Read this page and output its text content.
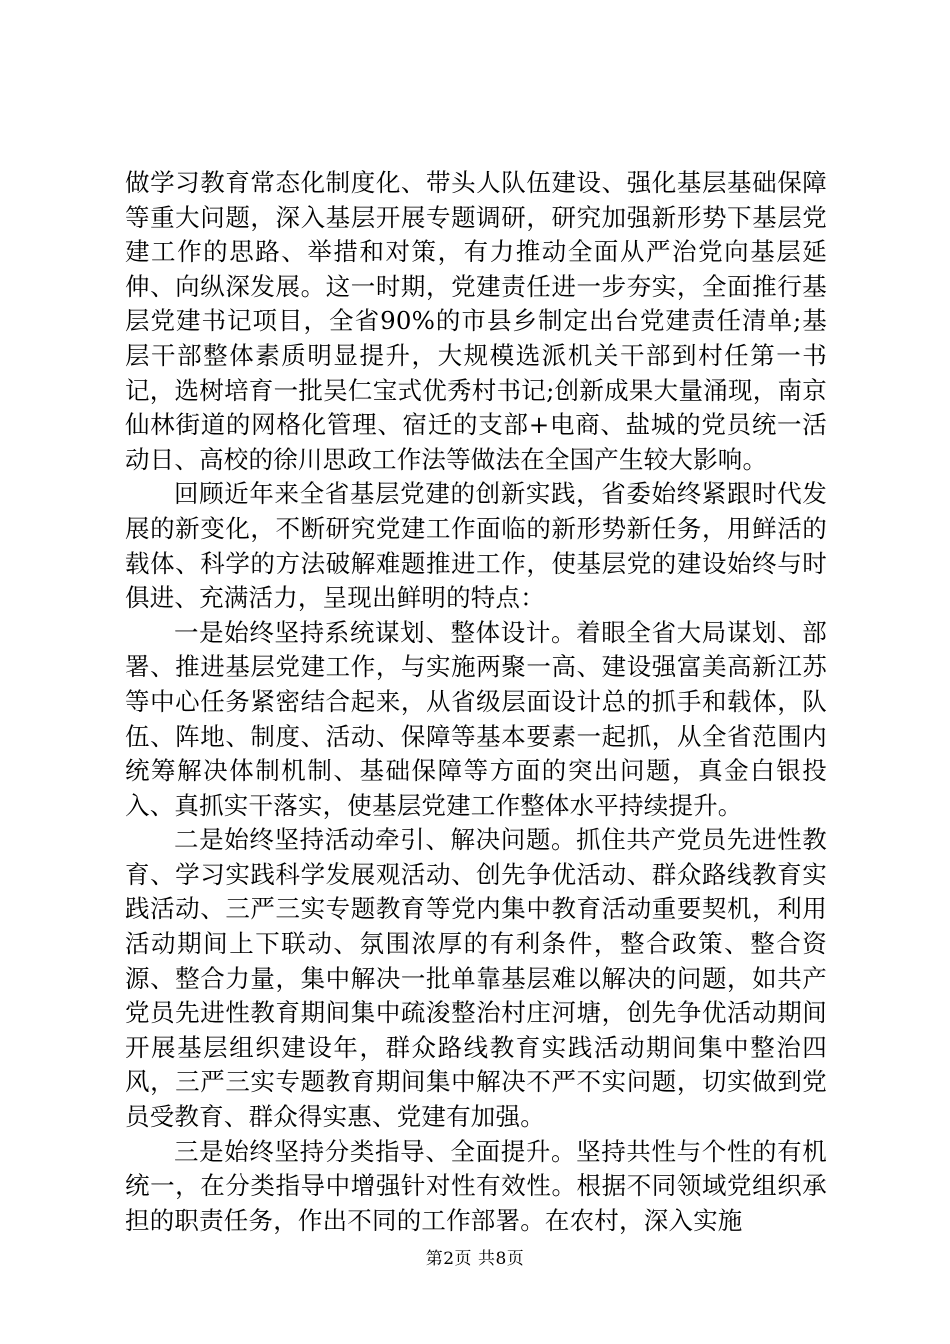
做学习教育常态化制度化、带头人队伍建设、强化基层基础保障等重大问题，深入基层开展专题调研，研究加强新形势下基层党建工作的思路、举措和对策，有力推动全面从严治党向基层延伸、向纵深发展。这一时期，党建责任进一步夯实，全面推行基层党建书记项目，全省90%的市县乡制定出台党建责任清单;基层干部整体素质明显提升，大规模选派机关干部到村任第一书记，选树培育一批吴仁宝式优秀村书记;创新成果大量涌现，南京仙林街道的网格化管理、宿迁的支部+电商、盐城的党员统一活动日、高校的徐川思政工作法等做法在全国产生较大影响。

回顾近年来全省基层党建的创新实践，省委始终紧跟时代发展的新变化，不断研究党建工作面临的新形势新任务，用鲜活的载体、科学的方法破解难题推进工作，使基层党的建设始终与时俱进、充满活力，呈现出鲜明的特点：

一是始终坚持系统谋划、整体设计。着眼全省大局谋划、部署、推进基层党建工作，与实施两聚一高、建设强富美高新江苏等中心任务紧密结合起来，从省级层面设计总的抓手和载体，队伍、阵地、制度、活动、保障等基本要素一起抓，从全省范围内统筹解决体制机制、基础保障等方面的突出问题，真金白银投入、真抓实干落实，使基层党建工作整体水平持续提升。

二是始终坚持活动牵引、解决问题。抓住共产党员先进性教育、学习实践科学发展观活动、创先争优活动、群众路线教育实践活动、三严三实专题教育等党内集中教育活动重要契机，利用活动期间上下联动、氛围浓厚的有利条件，整合政策、整合资源、整合力量，集中解决一批单靠基层难以解决的问题，如共产党员先进性教育期间集中疏浚整治村庄河塘，创先争优活动期间开展基层组织建设年，群众路线教育实践活动期间集中整治四风，三严三实专题教育期间集中解决不严不实问题，切实做到党员受教育、群众得实惠、党建有加强。

三是始终坚持分类指导、全面提升。坚持共性与个性的有机统一，在分类指导中增强针对性有效性。根据不同领域党组织承担的职责任务，作出不同的工作部署。在农村，深入实施

第2页 共8页
